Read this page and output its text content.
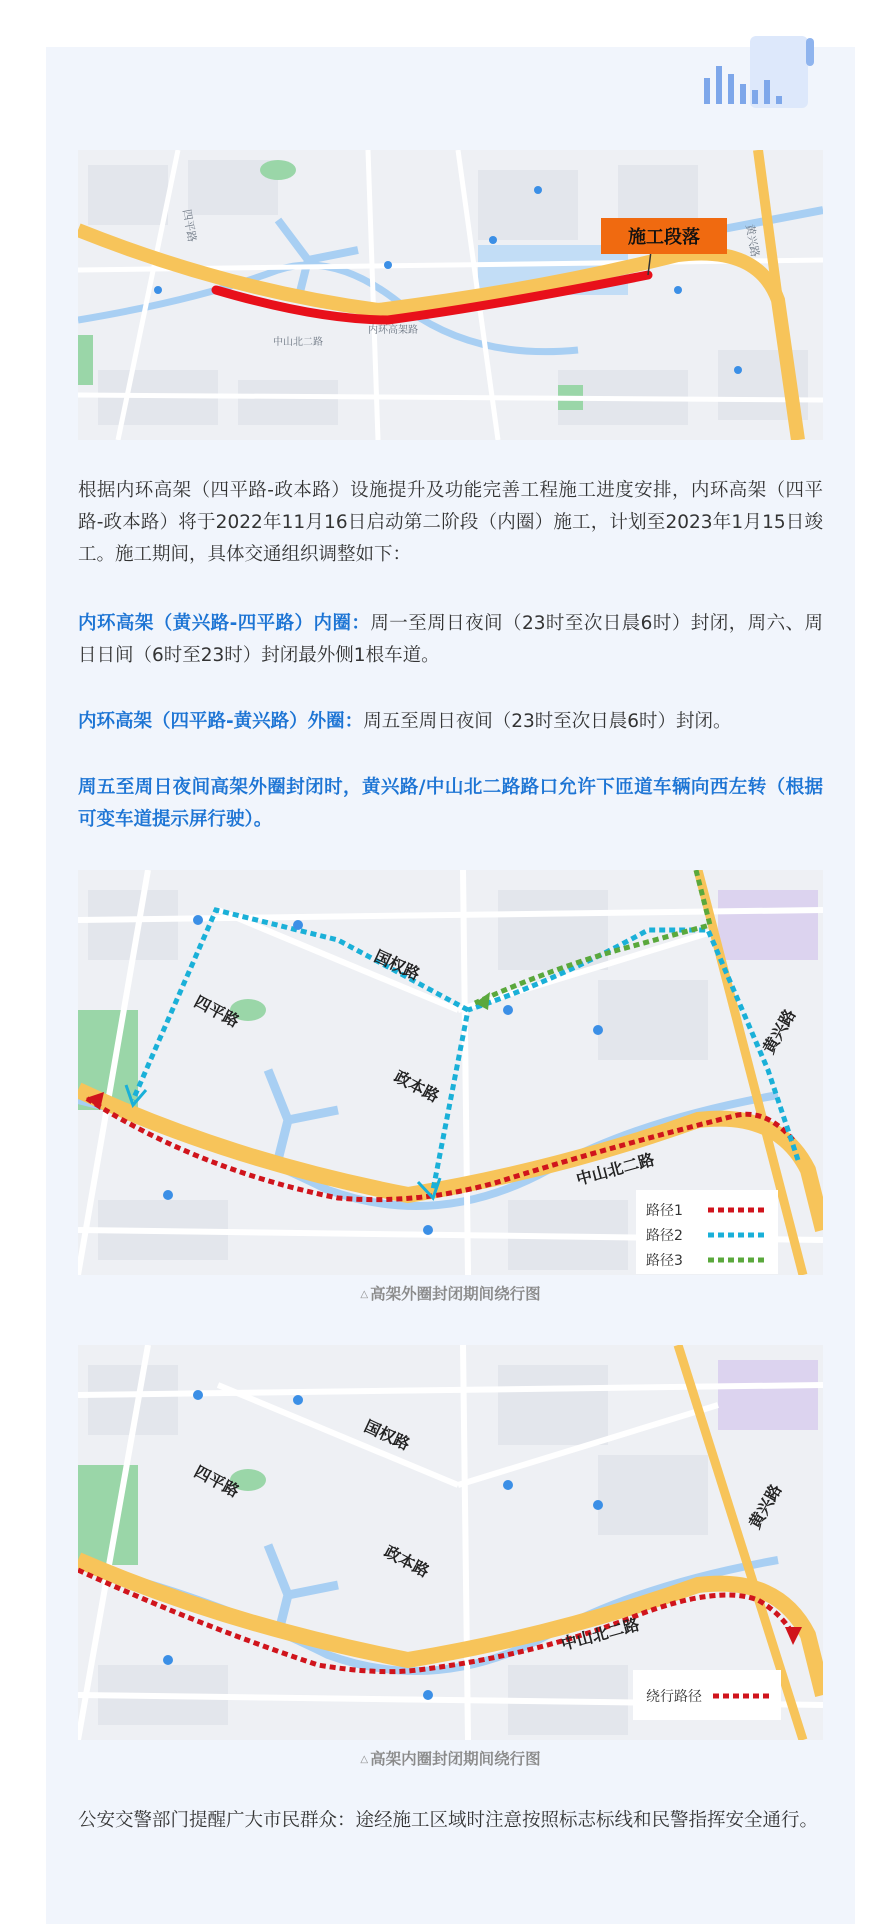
施工段落
四平路
内环高架路
黄兴路
中山北二路
根据内环高架（四平路-政本路）设施提升及功能完善工程施工进度安排，内环高架（四平路-政本路）将于2022年11月16日启动第二阶段（内圈）施工，计划至2023年1月15日竣工。施工期间，具体交通组织调整如下：
内环高架（黄兴路-四平路）内圈：周一至周日夜间（23时至次日晨6时）封闭，周六、周日日间（6时至23时）封闭最外侧1根车道。
内环高架（四平路-黄兴路）外圈：周五至周日夜间（23时至次日晨6时）封闭。
周五至周日夜间高架外圈封闭时，黄兴路/中山北二路路口允许下匝道车辆向西左转（根据可变车道提示屏行驶）。
国权路
四平路
政本路
黄兴路
中山北二路
路径1
路径2
路径3
△ 高架外圈封闭期间绕行图
国权路
四平路
政本路
黄兴路
中山北二路
绕行路径
△ 高架内圈封闭期间绕行图
公安交警部门提醒广大市民群众：途经施工区域时注意按照标志标线和民警指挥安全通行。
